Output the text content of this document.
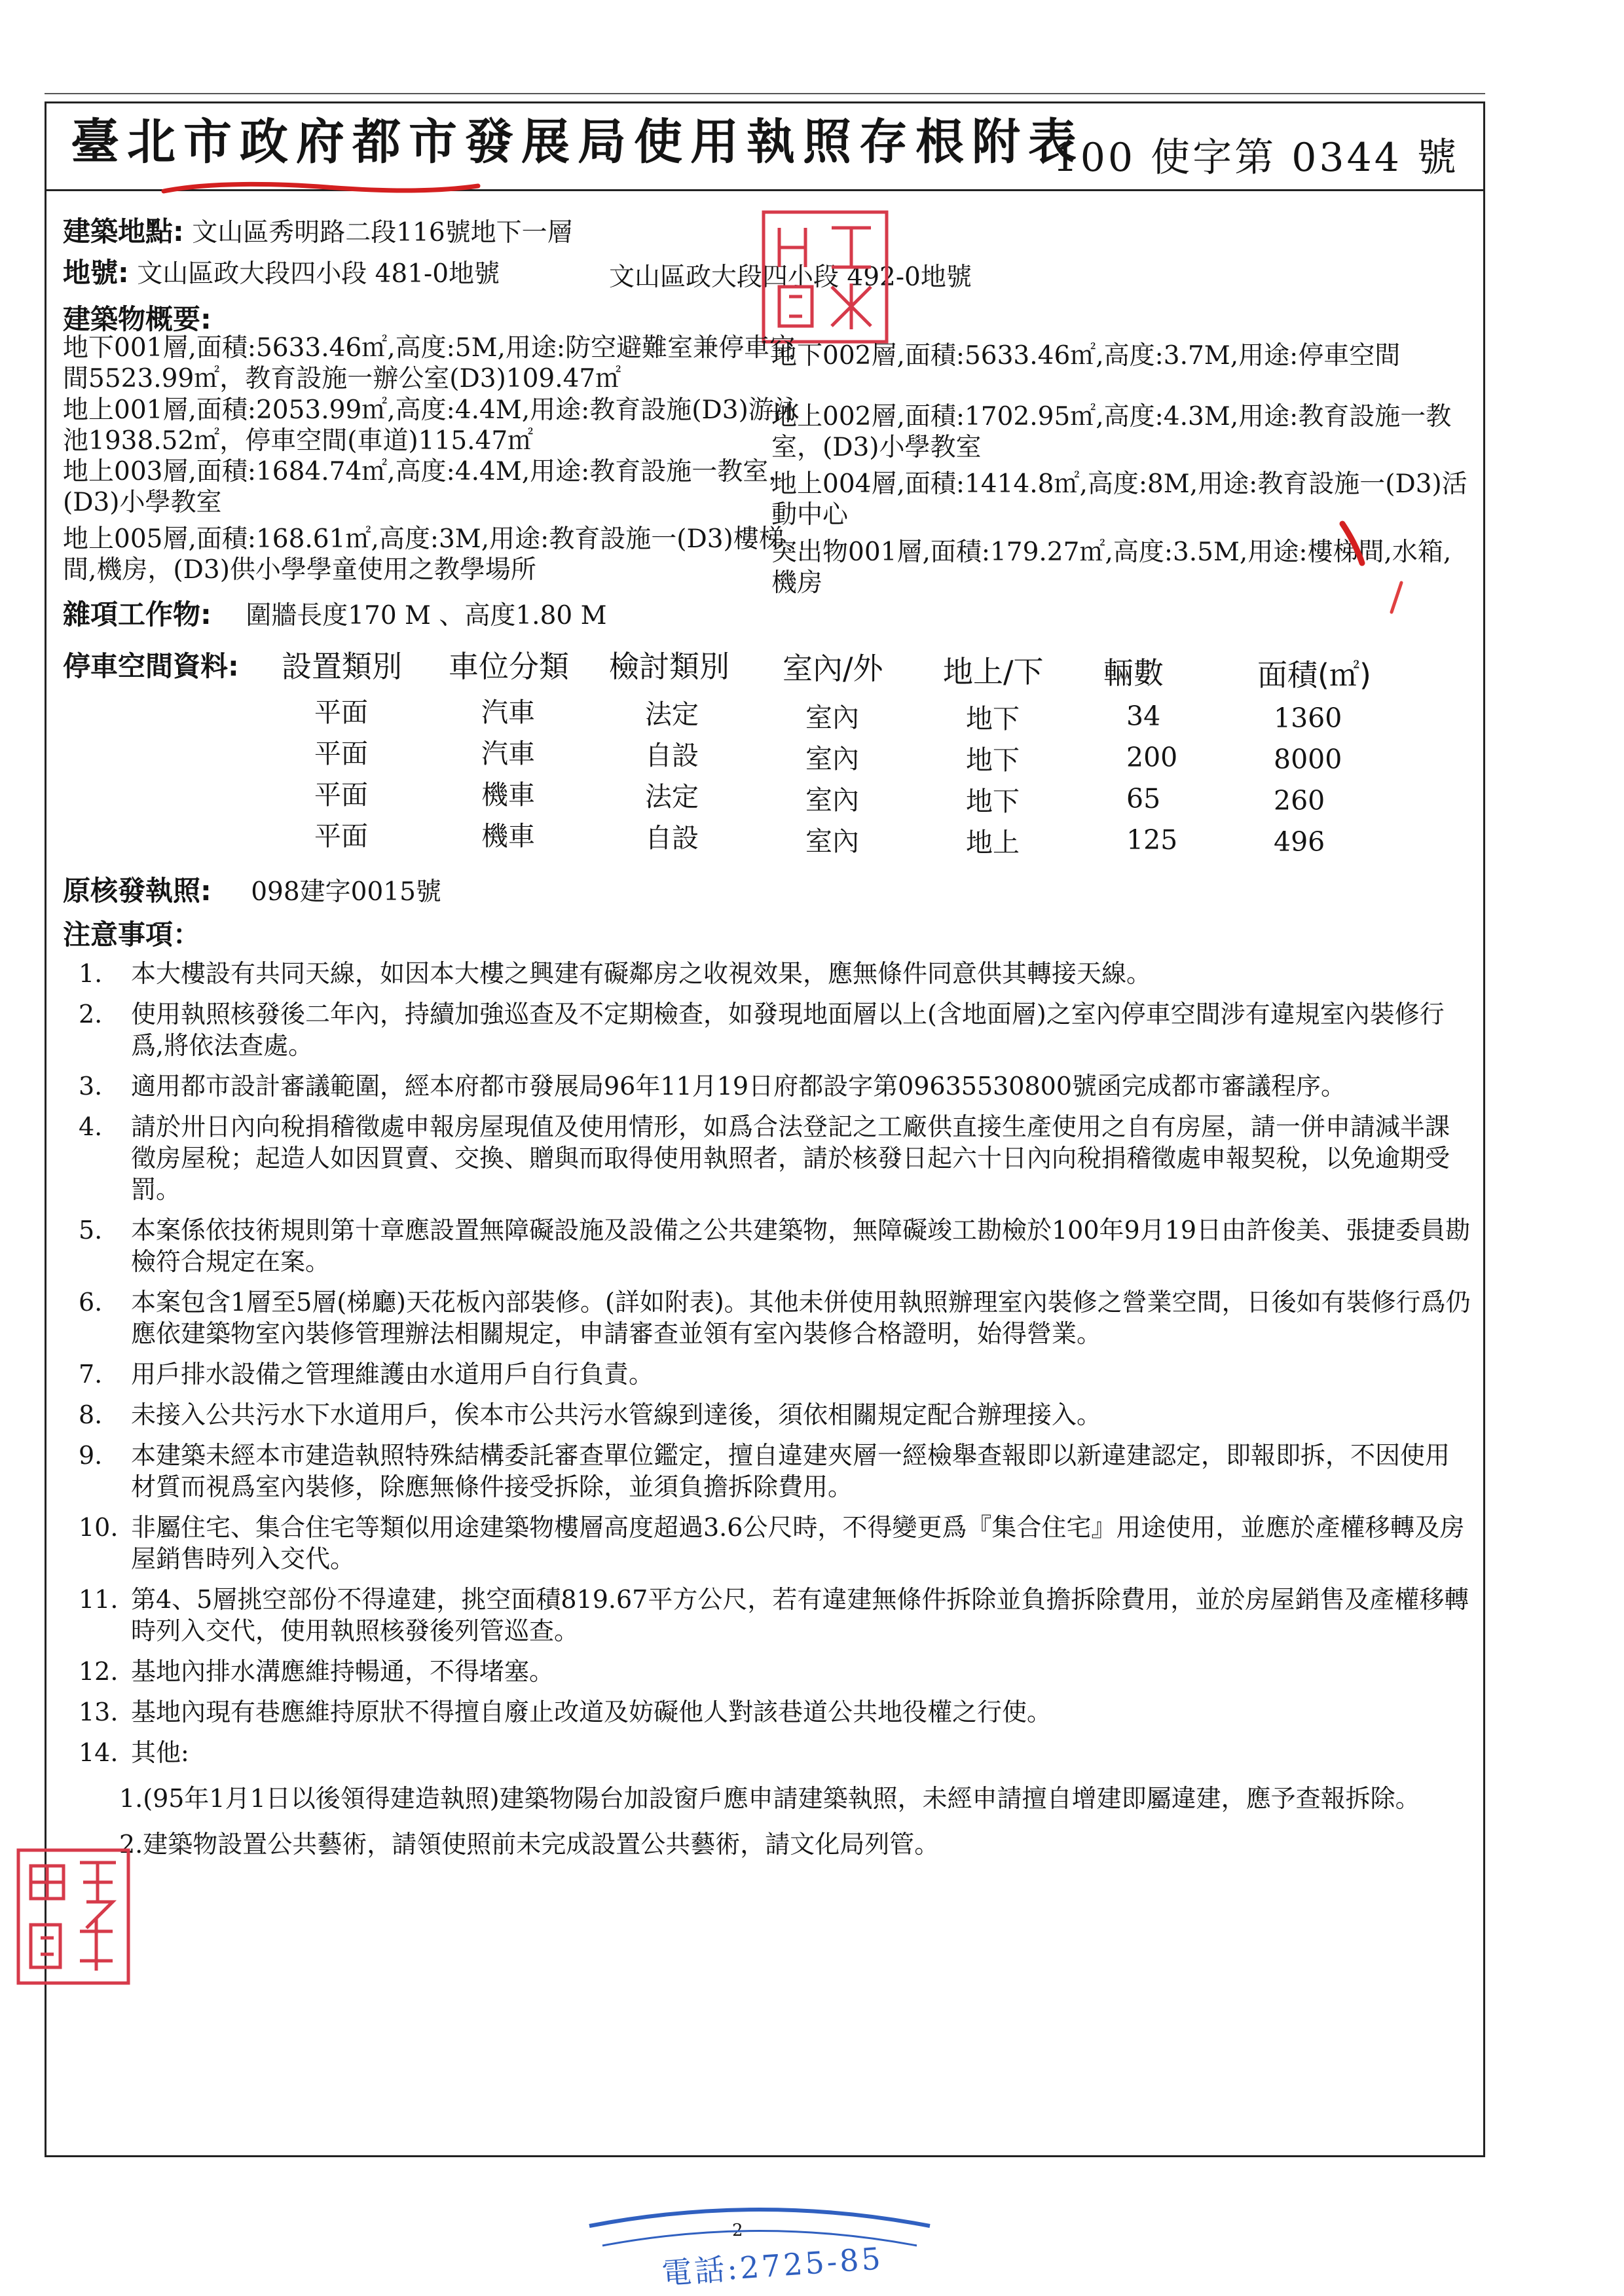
臺北市政府都市發展局使用執照存根附表
100 使字第 0344 號
建築地點: 文山區秀明路二段116號地下一層
地號: 文山區政大段四小段 481-0地號	文山區政大段四小段 492-0地號
建築物概要:
地下001層,面積:5633.46㎡,高度:5M,用途:防空避難室兼停車空間5523.99㎡，教育設施一辦公室(D3)109.47㎡
地下002層,面積:5633.46㎡,高度:3.7M,用途:停車空間
地上001層,面積:2053.99㎡,高度:4.4M,用途:教育設施(D3)游泳池1938.52㎡，停車空間(車道)115.47㎡
地上002層,面積:1702.95㎡,高度:4.3M,用途:教育設施一教室，(D3)小學教室
地上003層,面積:1684.74㎡,高度:4.4M,用途:教育設施一教室，(D3)小學教室
地上004層,面積:1414.8㎡,高度:8M,用途:教育設施一(D3)活動中心
地上005層,面積:168.61㎡,高度:3M,用途:教育設施一(D3)樓梯間,機房，(D3)供小學學童使用之教學場所
突出物001層,面積:179.27㎡,高度:3.5M,用途:樓梯間,水箱,機房
雜項工作物: 圍牆長度170 M 、高度1.80 M
停車空間資料: 設置類別 車位分類 檢討類別 室內/外 地上/下 輛數	面積(㎡)
平面	汽車	法定	室內	地下	34	1360
平面	汽車	自設	室內	地下	200	8000
平面	機車	法定	室內	地下	65	260
平面	機車	自設	室內	地上	125	496
原核發執照: 098建字0015號
注意事項：
1.	本大樓設有共同天線，如因本大樓之興建有礙鄰房之收視效果，應無條件同意供其轉接天線。
2.	使用執照核發後二年內，持續加強巡查及不定期檢查，如發現地面層以上(含地面層)之室內停車空間涉有違規室內裝修行爲,將依法查處。
3.	適用都市設計審議範圍，經本府都市發展局96年11月19日府都設字第09635530800號函完成都市審議程序。
4.	請於卅日內向稅捐稽徵處申報房屋現值及使用情形，如爲合法登記之工廠供直接生產使用之自有房屋，請一併申請減半課徵房屋稅；起造人如因買賣、交換、贈與而取得使用執照者，請於核發日起六十日內向稅捐稽徵處申報契稅，以免逾期受罰。
5.	本案係依技術規則第十章應設置無障礙設施及設備之公共建築物，無障礙竣工勘檢於100年9月19日由許俊美、張捷委員勘檢符合規定在案。
6.	本案包含1層至5層(梯廳)天花板內部裝修。(詳如附表)。其他未併使用執照辦理室內裝修之營業空間，日後如有裝修行爲仍應依建築物室內裝修管理辦法相關規定，申請審查並領有室內裝修合格證明，始得營業。
7.	用戶排水設備之管理維護由水道用戶自行負責。
8.	未接入公共污水下水道用戶，俟本市公共污水管線到達後，須依相關規定配合辦理接入。
9.	本建築未經本市建造執照特殊結構委託審查單位鑑定，擅自違建夾層一經檢舉查報即以新違建認定，即報即拆，不因使用材質而視爲室內裝修，除應無條件接受拆除，並須負擔拆除費用。
10. 非屬住宅、集合住宅等類似用途建築物樓層高度超過3.6公尺時，不得變更爲『集合住宅』用途使用，並應於產權移轉及房屋銷售時列入交代。
11. 第4、5層挑空部份不得違建，挑空面積819.67平方公尺，若有違建無條件拆除並負擔拆除費用，並於房屋銷售及產權移轉時列入交代，使用執照核發後列管巡查。
12. 基地內排水溝應維持暢通，不得堵塞。
13. 基地內現有巷應維持原狀不得擅自廢止改道及妨礙他人對該巷道公共地役權之行使。
14. 其他:
1.(95年1月1日以後領得建造執照)建築物陽台加設窗戶應申請建築執照，未經申請擅自增建即屬違建，應予查報拆除。
2.建築物設置公共藝術，請領使照前未完成設置公共藝術，請文化局列管。
2
電話:2725-85
